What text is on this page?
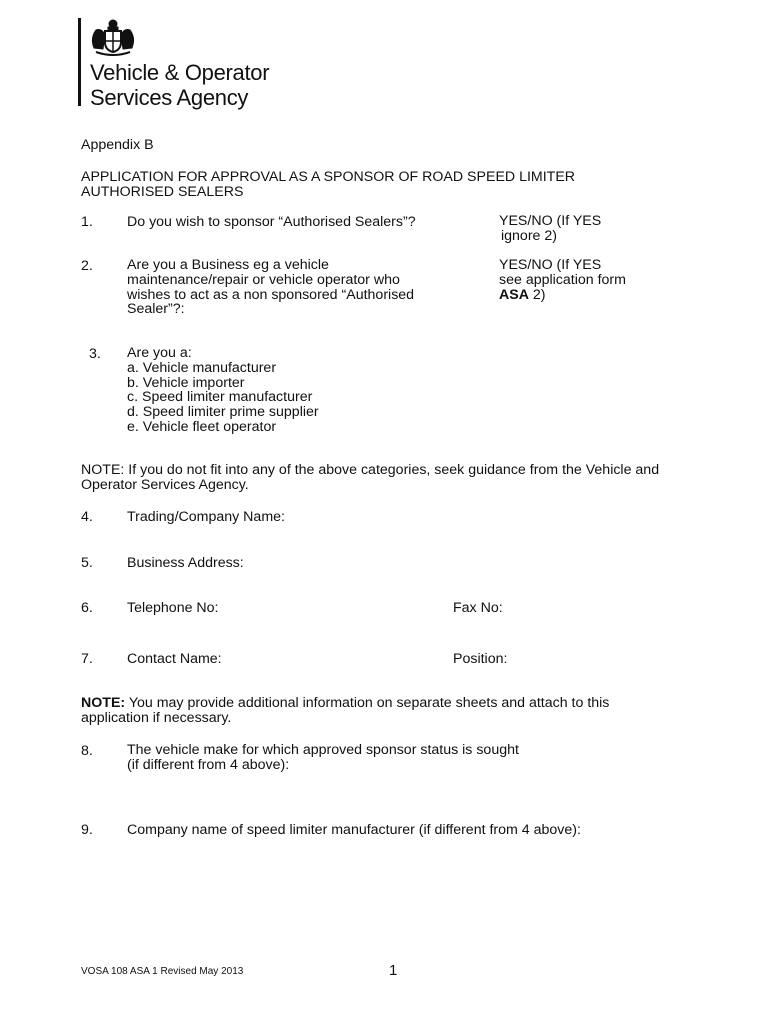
Vehicle & Operator
Services Agency
Appendix B
APPLICATION FOR APPROVAL AS A SPONSOR OF ROAD SPEED LIMITER
AUTHORISED SEALERS
1. Do you wish to sponsor “Authorised Sealers”?	YES/NO (If YES
ignore 2)
2. Are you a Business eg a vehicle
maintenance/repair or vehicle operator who
wishes to act as a non sponsored “Authorised
Sealer”?:
YES/NO (If YES
see application form
ASA 2)
3. Are you a:
a. Vehicle manufacturer
b. Vehicle importer
c. Speed limiter manufacturer
d. Speed limiter prime supplier
e. Vehicle fleet operator
NOTE: If you do not fit into any of the above categories, seek guidance from the Vehicle and
Operator Services Agency.
4. Trading/Company Name:
5. Business Address:
6. Telephone No:	Fax No:
7. Contact Name:	Position:
NOTE: You may provide additional information on separate sheets and attach to this
application if necessary.
8. The vehicle make for which approved sponsor status is sought
(if different from 4 above):
9. Company name of speed limiter manufacturer (if different from 4 above):
VOSA 108 ASA 1 Revised May 2013	1
